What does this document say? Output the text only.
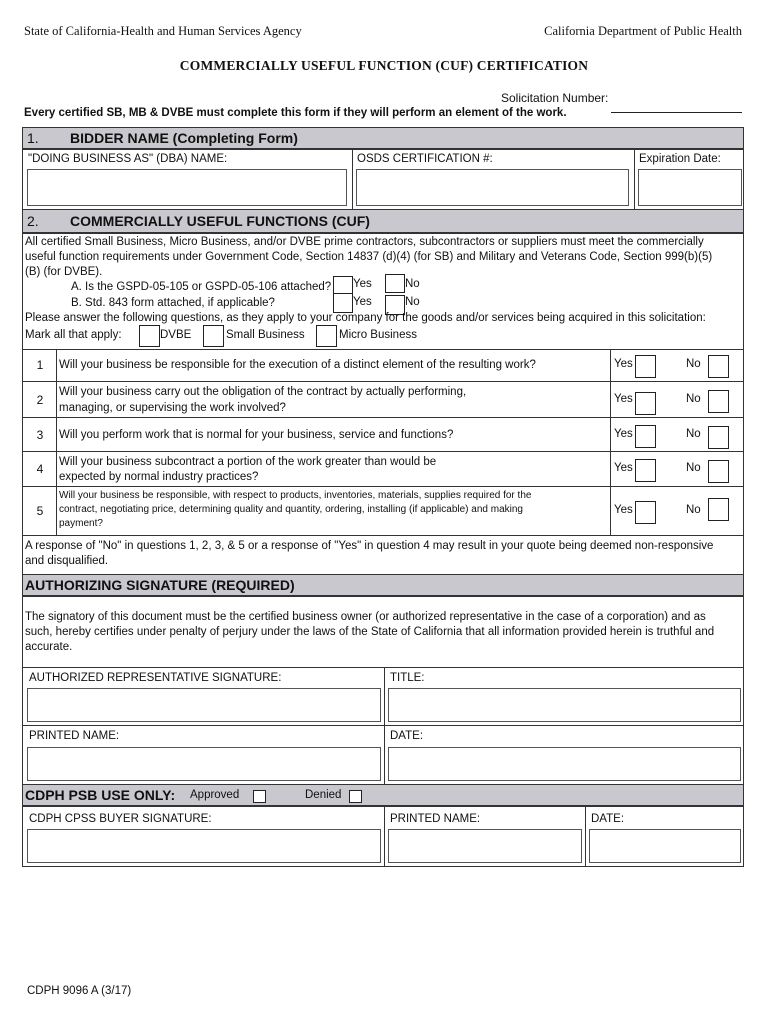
State of California-Health and Human Services Agency	California Department of Public Health
COMMERCIALLY USEFUL FUNCTION (CUF) CERTIFICATION
Solicitation Number:
Every certified SB, MB & DVBE must complete this form if they will perform an element of the work.
1. BIDDER NAME (Completing Form)
"DOING BUSINESS AS" (DBA) NAME:	OSDS CERTIFICATION #:	Expiration Date:
2. COMMERCIALLY USEFUL FUNCTIONS (CUF)
All certified Small Business, Micro Business, and/or DVBE prime contractors, subcontractors or suppliers must meet the commercially
useful function requirements under Government Code, Section 14837 (d)(4) (for SB) and Military and Veterans Code, Section 999(b)(5)
(B) (for DVBE).
A. Is the GSPD-05-105 or GSPD-05-106 attached? Yes	No
B. Std. 843 form attached, if applicable?	Yes	No
Please answer the following questions, as they apply to your company for the goods and/or services being acquired in this solicitation:
Mark all that apply:	DVBE	Small Business	Micro Business
1	Will your business be responsible for the execution of a distinct element of the resulting work?	Yes	No
2
Will your business carry out the obligation of the contract by actually performing,
managing, or supervising the work involved?
Yes	No
3	Will you perform work that is normal for your business, service and functions?	Yes	No
4	Will your business subcontract a portion of the work greater than would be
expected by normal industry practices?
Yes	No
5
Will your business be responsible, with respect to products, inventories, materials, supplies required for the
contract, negotiating price, determining quality and quantity, ordering, installing (if applicable) and making
payment?
Yes	No
A response of "No" in questions 1, 2, 3, & 5 or a response of "Yes" in question 4 may result in your quote being deemed non-responsive
and disqualified.
AUTHORIZING SIGNATURE (REQUIRED)
The signatory of this document must be the certified business owner (or authorized representative in the case of a corporation) and as
such, hereby certifies under penalty of perjury under the laws of the State of California that all information provided herein is truthful and
accurate.
AUTHORIZED REPRESENTATIVE SIGNATURE:	TITLE:
PRINTED NAME:	DATE:
CDPH PSB USE ONLY: Approved	Denied
CDPH CPSS BUYER SIGNATURE:	PRINTED NAME:	DATE:
CDPH 9096 A (3/17)
